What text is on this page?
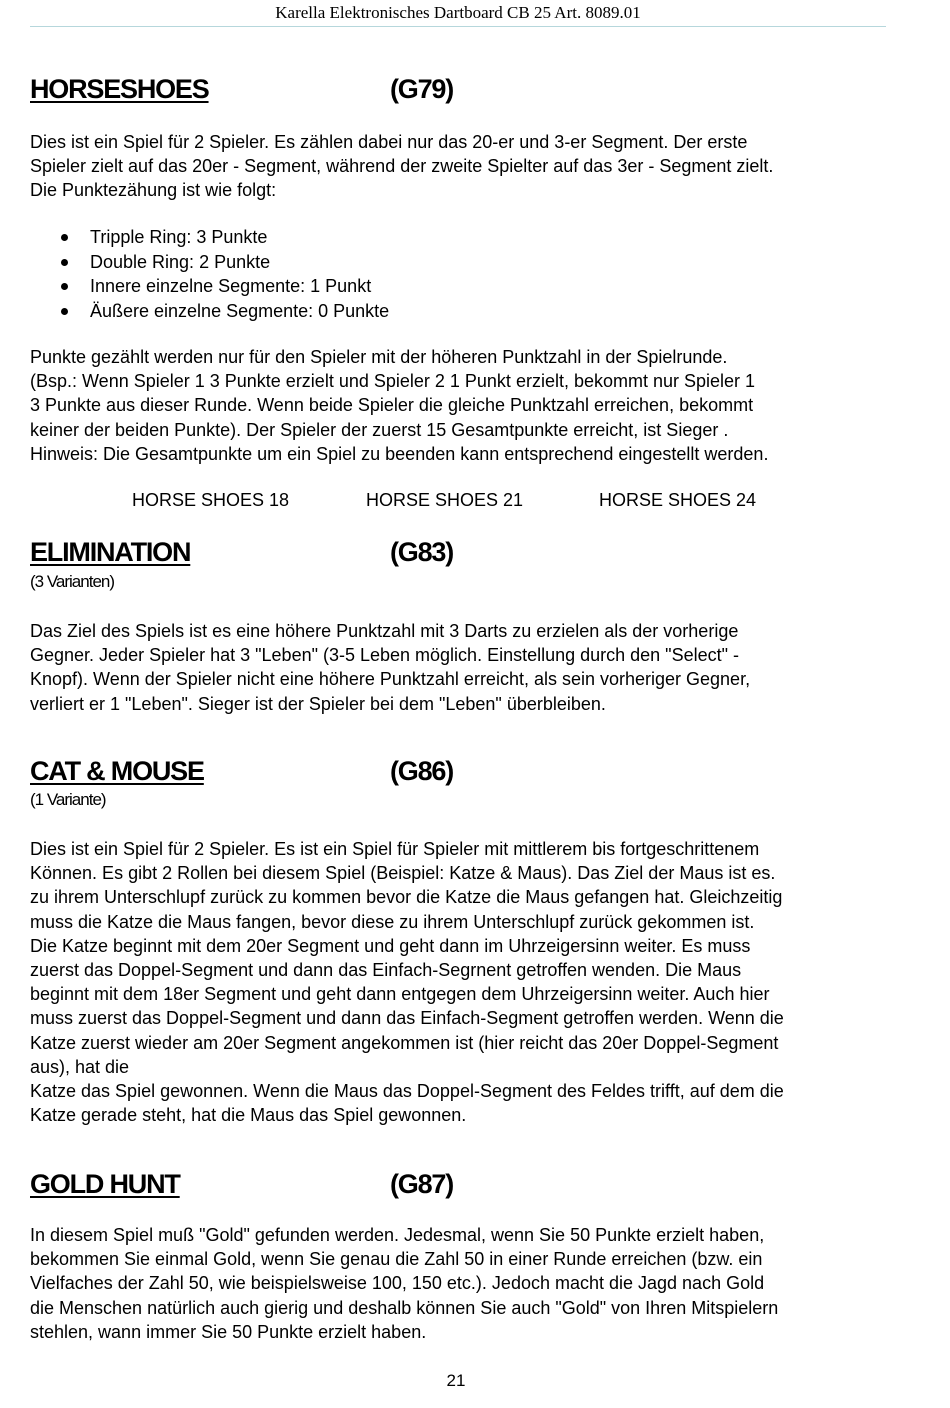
Karella Elektronisches Dartboard CB 25 Art. 8089.01
HORSESHOES	(G79)

Dies ist ein Spiel für 2 Spieler. Es zählen dabei nur das 20-er und 3-er Segment. Der erste

Spieler zielt auf das 20er - Segment, während der zweite Spielter auf das 3er - Segment zielt.

Die Punktezähung ist wie folgt:

Tripple Ring: 3 Punkte
Double Ring: 2 Punkte
Innere einzelne Segmente: 1 Punkt
Äußere einzelne Segmente: 0 Punkte

Punkte gezählt werden nur für den Spieler mit der höheren Punktzahl in der Spielrunde.

(Bsp.: Wenn Spieler 1 3 Punkte erzielt und Spieler 2 1 Punkt erzielt, bekommt nur Spieler 1

3 Punkte aus dieser Runde. Wenn beide Spieler die gleiche Punktzahl erreichen, bekommt

keiner der beiden Punkte). Der Spieler der zuerst 15 Gesamtpunkte erreicht, ist Sieger .

Hinweis: Die Gesamtpunkte um ein Spiel zu beenden kann entsprechend eingestellt werden.

HORSE SHOES 18	HORSE SHOES 21	HORSE SHOES 24
ELIMINATION	(G83)
(3 Varianten)

Das Ziel des Spiels ist es eine höhere Punktzahl mit 3 Darts zu erzielen als der vorherige

Gegner. Jeder Spieler hat 3 "Leben" (3-5 Leben möglich. Einstellung durch den "Select" -

Knopf). Wenn der Spieler nicht eine höhere Punktzahl erreicht, als sein vorheriger Gegner,

verliert er 1 "Leben". Sieger ist der Spieler bei dem "Leben" überbleiben.

CAT & MOUSE	(G86)
(1 Variante)

Dies ist ein Spiel für 2 Spieler. Es ist ein Spiel für Spieler mit mittlerem bis fortgeschrittenem

Können. Es gibt 2 Rollen bei diesem Spiel (Beispiel: Katze & Maus). Das Ziel der Maus ist es.

zu ihrem Unterschlupf zurück zu kommen bevor die Katze die Maus gefangen hat. Gleichzeitig

muss die Katze die Maus fangen, bevor diese zu ihrem Unterschlupf zurück gekommen ist.

Die Katze beginnt mit dem 20er Segment und geht dann im Uhrzeigersinn weiter. Es muss

zuerst das Doppel-Segment und dann das Einfach-Segrnent getroffen wenden. Die Maus

beginnt mit dem 18er Segment und geht dann entgegen dem Uhrzeigersinn weiter. Auch hier

muss zuerst das Doppel-Segment und dann das Einfach-Segment getroffen werden. Wenn die

Katze zuerst wieder am 20er Segment angekommen ist (hier reicht das 20er Doppel-Segment

aus), hat die

Katze das Spiel gewonnen. Wenn die Maus das Doppel-Segment des Feldes trifft, auf dem die

Katze gerade steht, hat die Maus das Spiel gewonnen.

GOLD HUNT	(G87)

In diesem Spiel muß "Gold" gefunden werden. Jedesmal, wenn Sie 50 Punkte erzielt haben,

bekommen Sie einmal Gold, wenn Sie genau die Zahl 50 in einer Runde erreichen (bzw. ein

Vielfaches der Zahl 50, wie beispielsweise 100, 150 etc.). Jedoch macht die Jagd nach Gold

die Menschen natürlich auch gierig und deshalb können Sie auch "Gold" von Ihren Mitspielern

stehlen, wann immer Sie 50 Punkte erzielt haben.

21
